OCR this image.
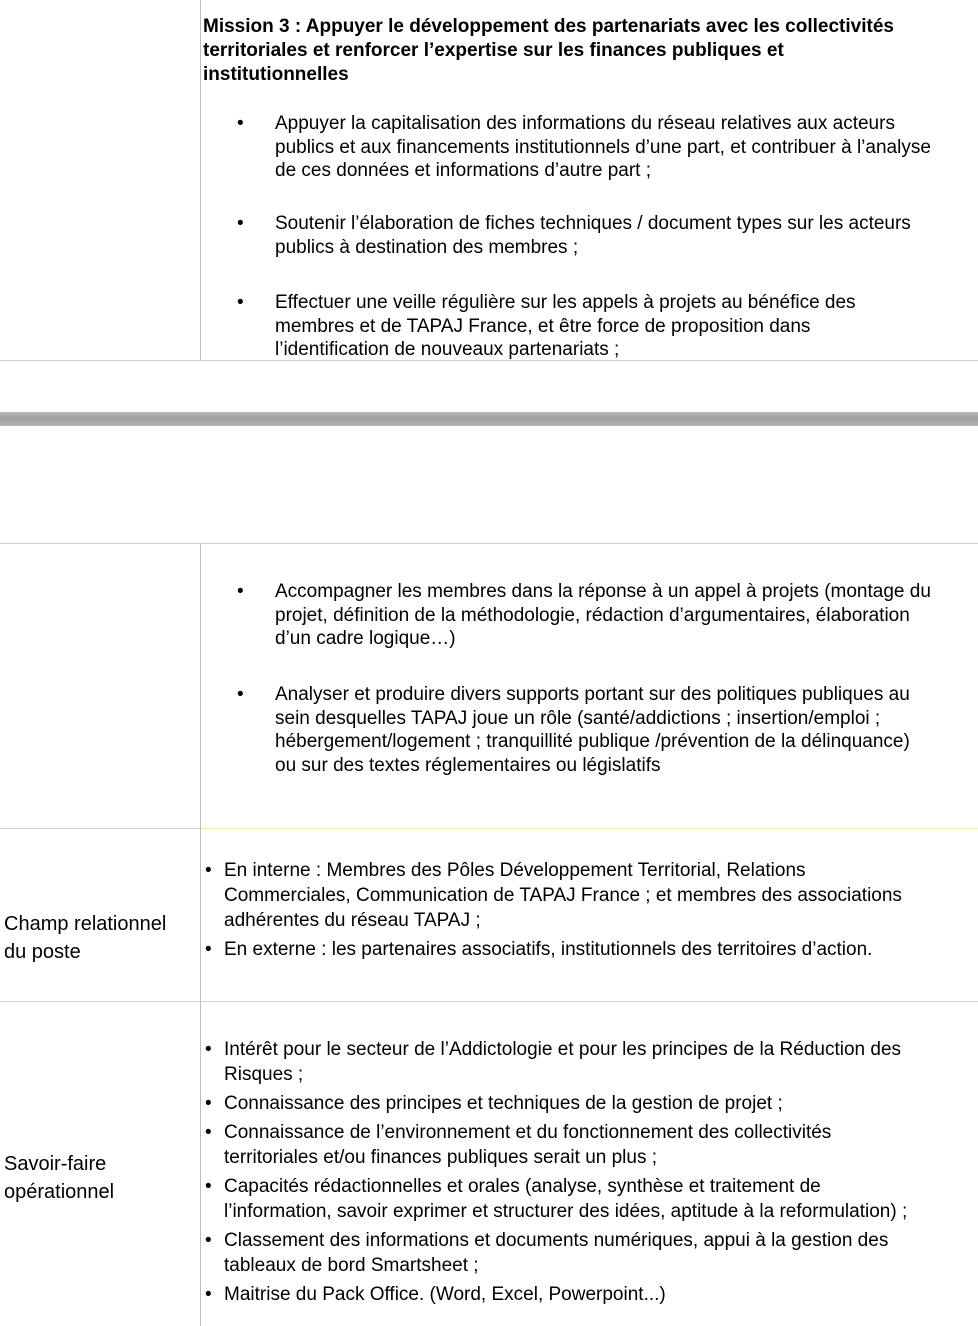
Mission 3 : Appuyer le développement des partenariats avec les collectivités
territoriales et renforcer l’expertise sur les finances publiques et
institutionnelles
• Appuyer la capitalisation des informations du réseau relatives aux acteurs
publics et aux financements institutionnels d’une part, et contribuer à l’analyse
de ces données et informations d’autre part ;
• Soutenir l’élaboration de fiches techniques / document types sur les acteurs
publics à destination des membres ;
• Effectuer une veille régulière sur les appels à projets au bénéfice des
membres et de TAPAJ France, et être force de proposition dans
l’identification de nouveaux partenariats ;
• Accompagner les membres dans la réponse à un appel à projets (montage du
projet, définition de la méthodologie, rédaction d’argumentaires, élaboration
d’un cadre logique…)
• Analyser et produire divers supports portant sur des politiques publiques au
sein desquelles TAPAJ joue un rôle (santé/addictions ; insertion/emploi ;
hébergement/logement ; tranquillité publique /prévention de la délinquance)
ou sur des textes réglementaires ou législatifs
Champ relationnel
du poste
• En interne : Membres des Pôles Développement Territorial, Relations
Commerciales, Communication de TAPAJ France ; et membres des associations
adhérentes du réseau TAPAJ ;
• En externe : les partenaires associatifs, institutionnels des territoires d’action.
Savoir-faire
opérationnel
• Intérêt pour le secteur de l’Addictologie et pour les principes de la Réduction des
Risques ;
• Connaissance des principes et techniques de la gestion de projet ;
• Connaissance de l’environnement et du fonctionnement des collectivités
territoriales et/ou finances publiques serait un plus ;
• Capacités rédactionnelles et orales (analyse, synthèse et traitement de
l’information, savoir exprimer et structurer des idées, aptitude à la reformulation) ;
• Classement des informations et documents numériques, appui à la gestion des
tableaux de bord Smartsheet ;
• Maitrise du Pack Office. (Word, Excel, Powerpoint...)
